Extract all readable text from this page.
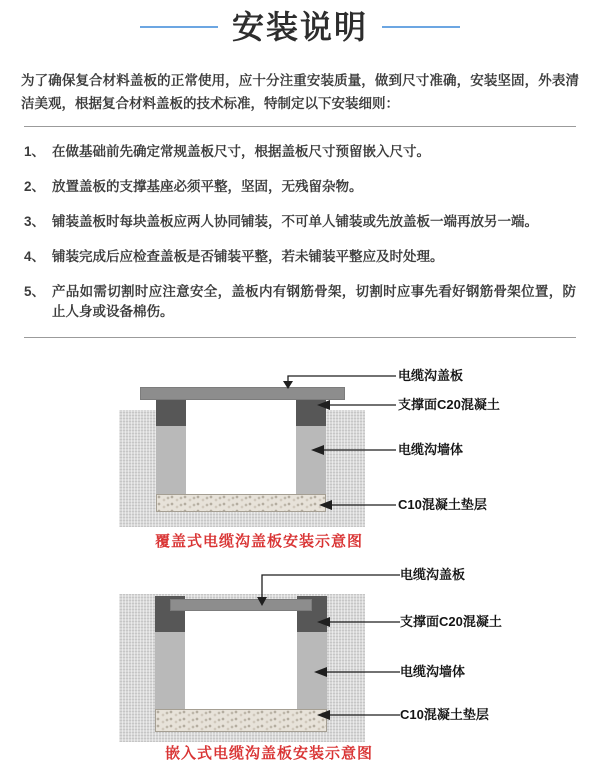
安装说明

为了确保复合材料盖板的正常使用，应十分注重安装质量，做到尺寸准确，安装坚固，外表清洁美观，根据复合材料盖板的技术标准，特制定以下安装细则：

1、 在做基础前先确定常规盖板尺寸，根据盖板尺寸预留嵌入尺寸。
2、 放置盖板的支撑基座必须平整，坚固，无残留杂物。
3、 铺装盖板时每块盖板应两人协同铺装，不可单人铺装或先放盖板一端再放另一端。
4、 铺装完成后应检查盖板是否铺装平整，若未铺装平整应及时处理。
5、 产品如需切割时应注意安全，盖板内有钢筋骨架，切割时应事先看好钢筋骨架位置，防止人身或设备棉伤。
电缆沟盖板
支撑面C20混凝土
电缆沟墙体
C10混凝土垫层
覆盖式电缆沟盖板安装示意图
电缆沟盖板
支撑面C20混凝土
电缆沟墙体
C10混凝土垫层
嵌入式电缆沟盖板安装示意图
